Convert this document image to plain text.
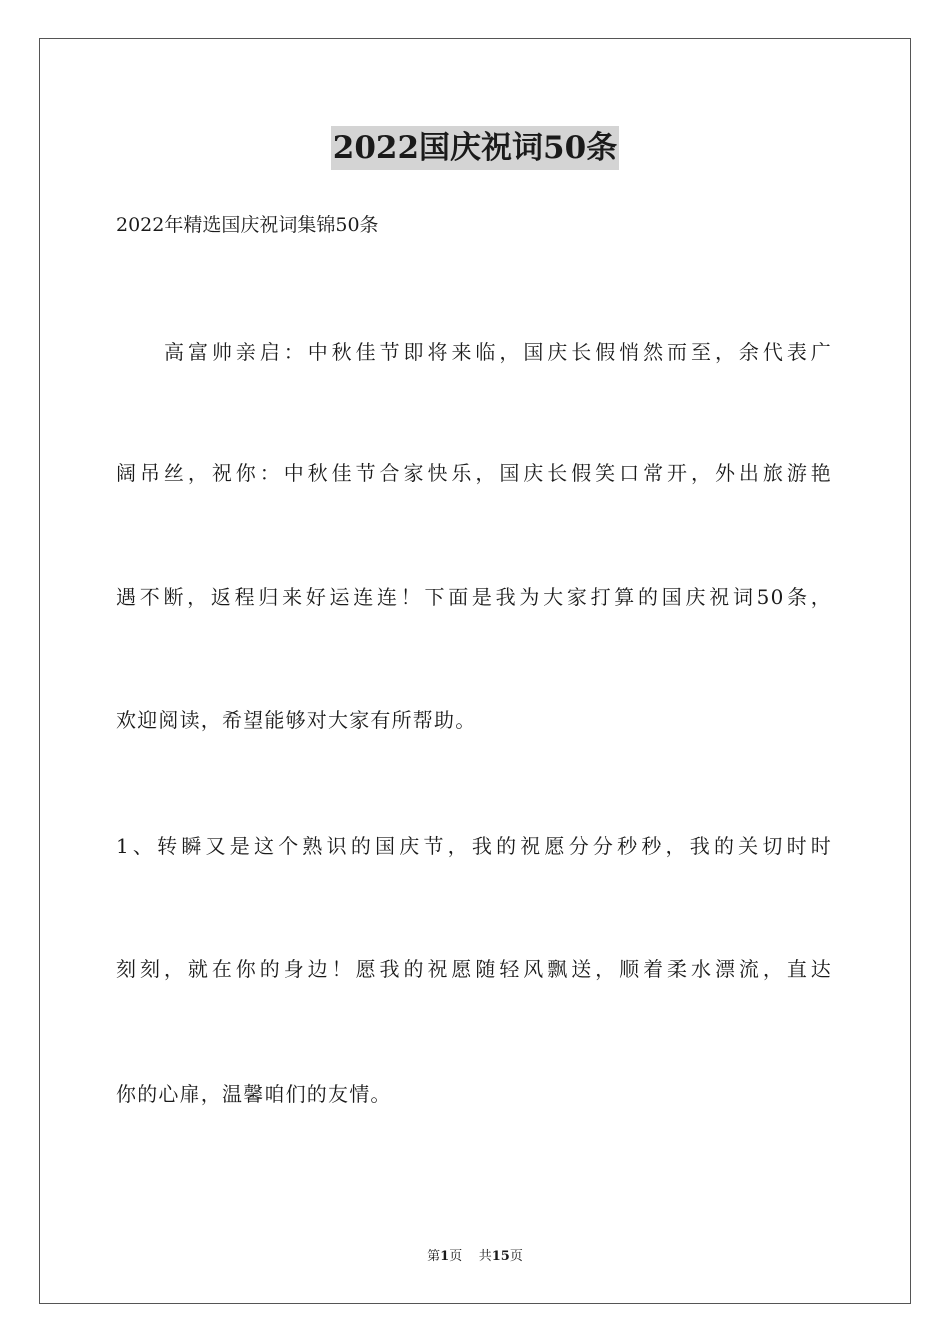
2022国庆祝词50条
2022年精选国庆祝词集锦50条
高富帅亲启：中秋佳节即将来临，国庆长假悄然而至，余代表广
阔吊丝，祝你：中秋佳节合家快乐，国庆长假笑口常开，外出旅游艳
遇不断，返程归来好运连连！下面是我为大家打算的国庆祝词50条，
欢迎阅读，希望能够对大家有所帮助。
1、转瞬又是这个熟识的国庆节，我的祝愿分分秒秒，我的关切时时
刻刻，就在你的身边！愿我的祝愿随轻风飘送，顺着柔水漂流，直达
你的心扉，温馨咱们的友情。
第1页 共15页
